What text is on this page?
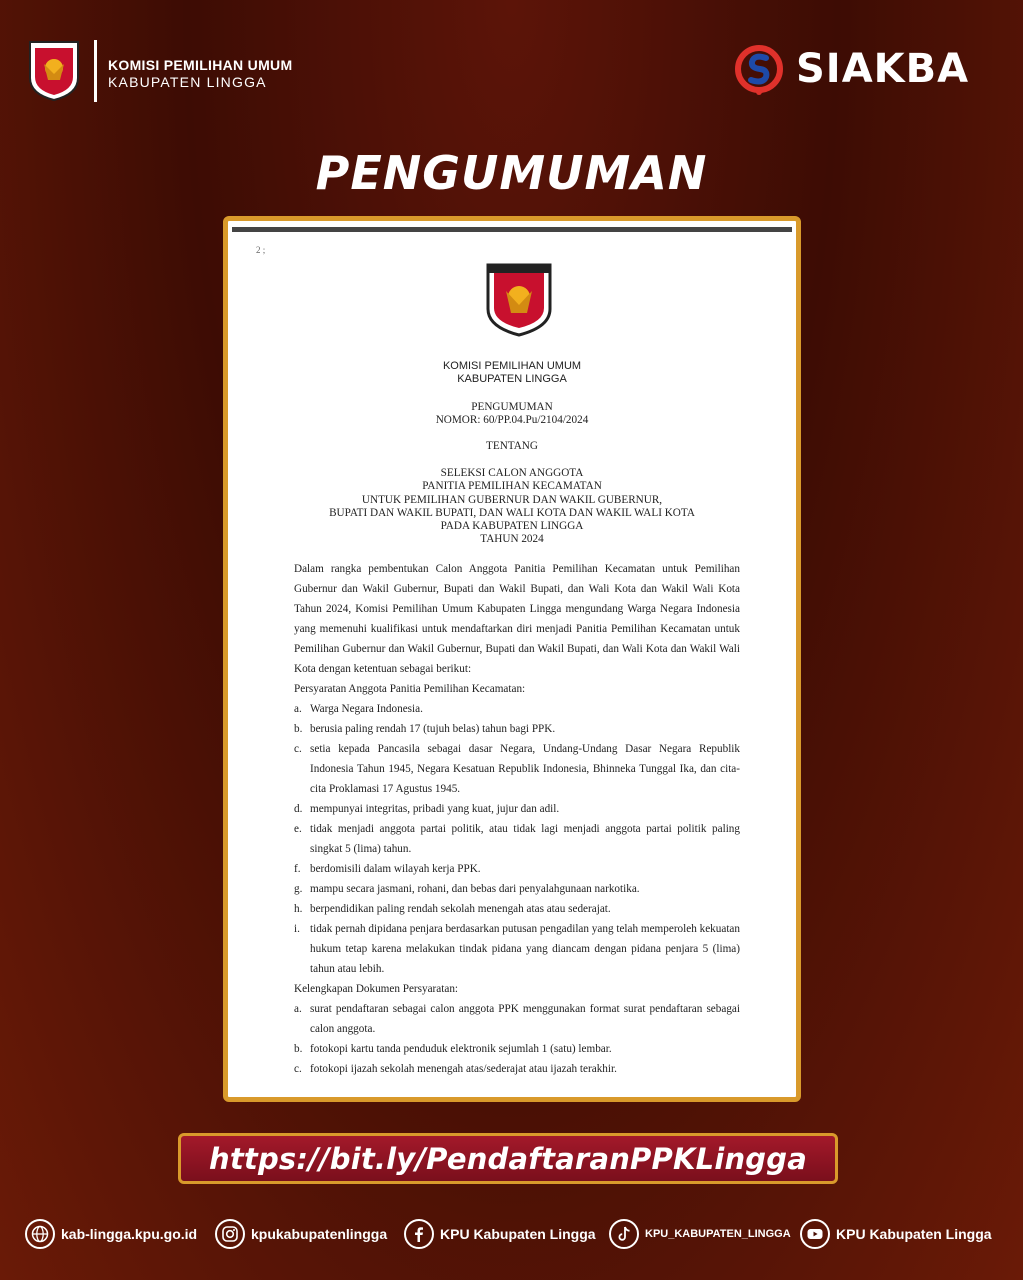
KOMISI PEMILIHAN UMUM
KABUPATEN LINGGA	SIAKBA
PENGUMUMAN
2 ;
KOMISI PEMILIHAN UMUM
KABUPATEN LINGGA
PENGUMUMAN
NOMOR: 60/PP.04.Pu/2104/2024
TENTANG
SELEKSI CALON ANGGOTA
PANITIA PEMILIHAN KECAMATAN
UNTUK PEMILIHAN GUBERNUR DAN WAKIL GUBERNUR,
BUPATI DAN WAKIL BUPATI, DAN WALI KOTA DAN WAKIL WALI KOTA
PADA KABUPATEN LINGGA
TAHUN 2024

Dalam rangka pembentukan Calon Anggota Panitia Pemilihan Kecamatan untuk Pemilihan Gubernur dan Wakil Gubernur, Bupati dan Wakil Bupati, dan Wali Kota dan Wakil Wali Kota Tahun 2024, Komisi Pemilihan Umum Kabupaten Lingga mengundang Warga Negara Indonesia yang memenuhi kualifikasi untuk mendaftarkan diri menjadi Panitia Pemilihan Kecamatan untuk Pemilihan Gubernur dan Wakil Gubernur, Bupati dan Wakil Bupati, dan Wali Kota dan Wakil Wali Kota dengan ketentuan sebagai berikut:

Persyaratan Anggota Panitia Pemilihan Kecamatan:

a. Warga Negara Indonesia.
b. berusia paling rendah 17 (tujuh belas) tahun bagi PPK.
c. setia kepada Pancasila sebagai dasar Negara, Undang-Undang Dasar Negara Republik Indonesia Tahun 1945, Negara Kesatuan Republik Indonesia, Bhinneka Tunggal Ika, dan cita-cita Proklamasi 17 Agustus 1945.
d. mempunyai integritas, pribadi yang kuat, jujur dan adil.
e. tidak menjadi anggota partai politik, atau tidak lagi menjadi anggota partai politik paling singkat 5 (lima) tahun.
f. berdomisili dalam wilayah kerja PPK.
g. mampu secara jasmani, rohani, dan bebas dari penyalahgunaan narkotika.
h. berpendidikan paling rendah sekolah menengah atas atau sederajat.
i. tidak pernah dipidana penjara berdasarkan putusan pengadilan yang telah memperoleh kekuatan hukum tetap karena melakukan tindak pidana yang diancam dengan pidana penjara 5 (lima) tahun atau lebih.

Kelengkapan Dokumen Persyaratan:

a. surat pendaftaran sebagai calon anggota PPK menggunakan format surat pendaftaran sebagai calon anggota.
b. fotokopi kartu tanda penduduk elektronik sejumlah 1 (satu) lembar.
c. fotokopi ijazah sekolah menengah atas/sederajat atau ijazah terakhir.
https://bit.ly/PendaftaranPPKLingga
kab-lingga.kpu.go.id	kpukabupatenlingga	KPU Kabupaten Lingga	KPU_KABUPATEN_LINGGA	KPU Kabupaten Lingga
